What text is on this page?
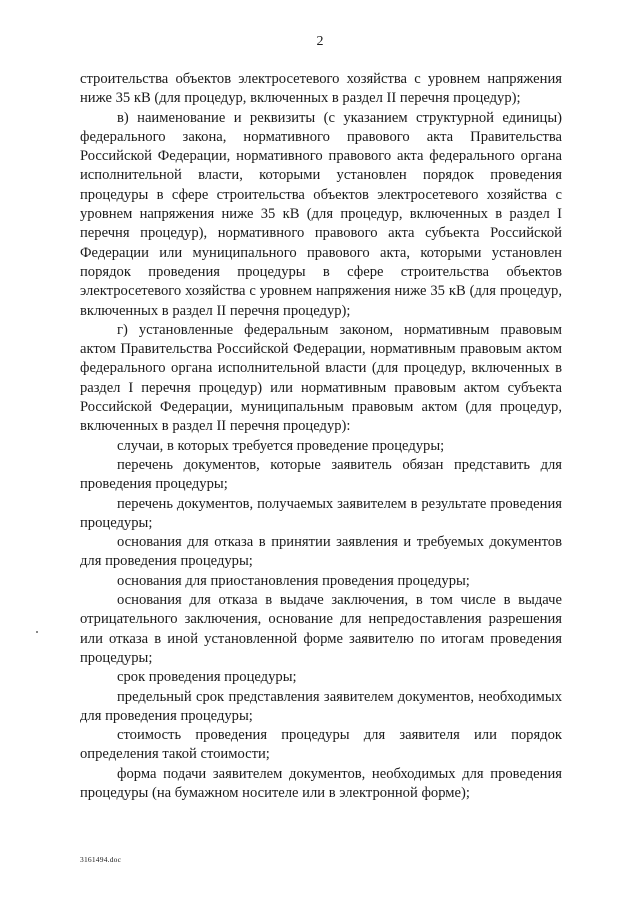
2

строительства объектов электросетевого хозяйства с уровнем напряжения ниже 35 кВ (для процедур, включенных в раздел II перечня процедур);

в) наименование и реквизиты (с указанием структурной единицы) федерального закона, нормативного правового акта Правительства Российской Федерации, нормативного правового акта федерального органа исполнительной власти, которыми установлен порядок проведения процедуры в сфере строительства объектов электросетевого хозяйства с уровнем напряжения ниже 35 кВ (для процедур, включенных в раздел I перечня процедур), нормативного правового акта субъекта Российской Федерации или муниципального правового акта, которыми установлен порядок проведения процедуры в сфере строительства объектов электросетевого хозяйства с уровнем напряжения ниже 35 кВ (для процедур, включенных в раздел II перечня процедур);

г) установленные федеральным законом, нормативным правовым актом Правительства Российской Федерации, нормативным правовым актом федерального органа исполнительной власти (для процедур, включенных в раздел I перечня процедур) или нормативным правовым актом субъекта Российской Федерации, муниципальным правовым актом (для процедур, включенных в раздел II перечня процедур):

случаи, в которых требуется проведение процедуры;

перечень документов, которые заявитель обязан представить для проведения процедуры;

перечень документов, получаемых заявителем в результате проведения процедуры;

основания для отказа в принятии заявления и требуемых документов для проведения процедуры;

основания для приостановления проведения процедуры;

основания для отказа в выдаче заключения, в том числе в выдаче отрицательного заключения, основание для непредоставления разрешения или отказа в иной установленной форме заявителю по итогам проведения процедуры;

срок проведения процедуры;

предельный срок представления заявителем документов, необходимых для проведения процедуры;

стоимость проведения процедуры для заявителя или порядок определения такой стоимости;

форма подачи заявителем документов, необходимых для проведения процедуры (на бумажном носителе или в электронной форме);

3161494.doc
